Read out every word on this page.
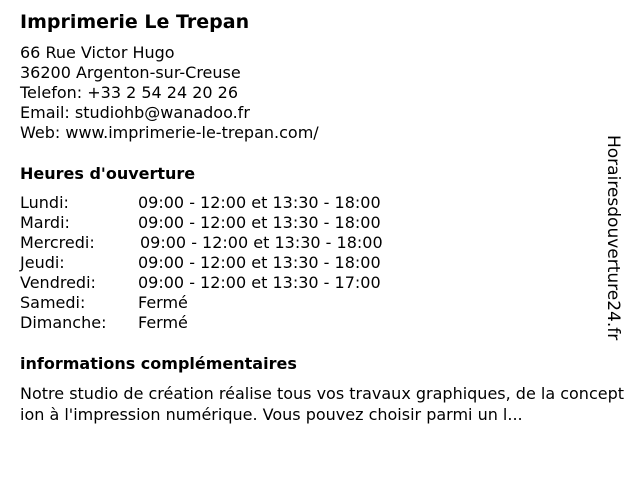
Imprimerie Le Trepan
66 Rue Victor Hugo
36200 Argenton-sur-Creuse
Telefon: +33 2 54 24 20 26
Email: studiohb@wanadoo.fr
Web: www.imprimerie-le-trepan.com/
Heures d'ouverture
Lundi:	09:00 - 12:00 et 13:30 - 18:00
Mardi:	09:00 - 12:00 et 13:30 - 18:00
Mercredi:	09:00 - 12:00 et 13:30 - 18:00
Jeudi:	09:00 - 12:00 et 13:30 - 18:00
Vendredi:	09:00 - 12:00 et 13:30 - 17:00
Samedi:	Fermé
Dimanche:	Fermé
informations complémentaires
Notre studio de création réalise tous vos travaux graphiques, de la conception à l'impression numérique. Vous pouvez choisir parmi un l...
Horairesdouverture24.fr
